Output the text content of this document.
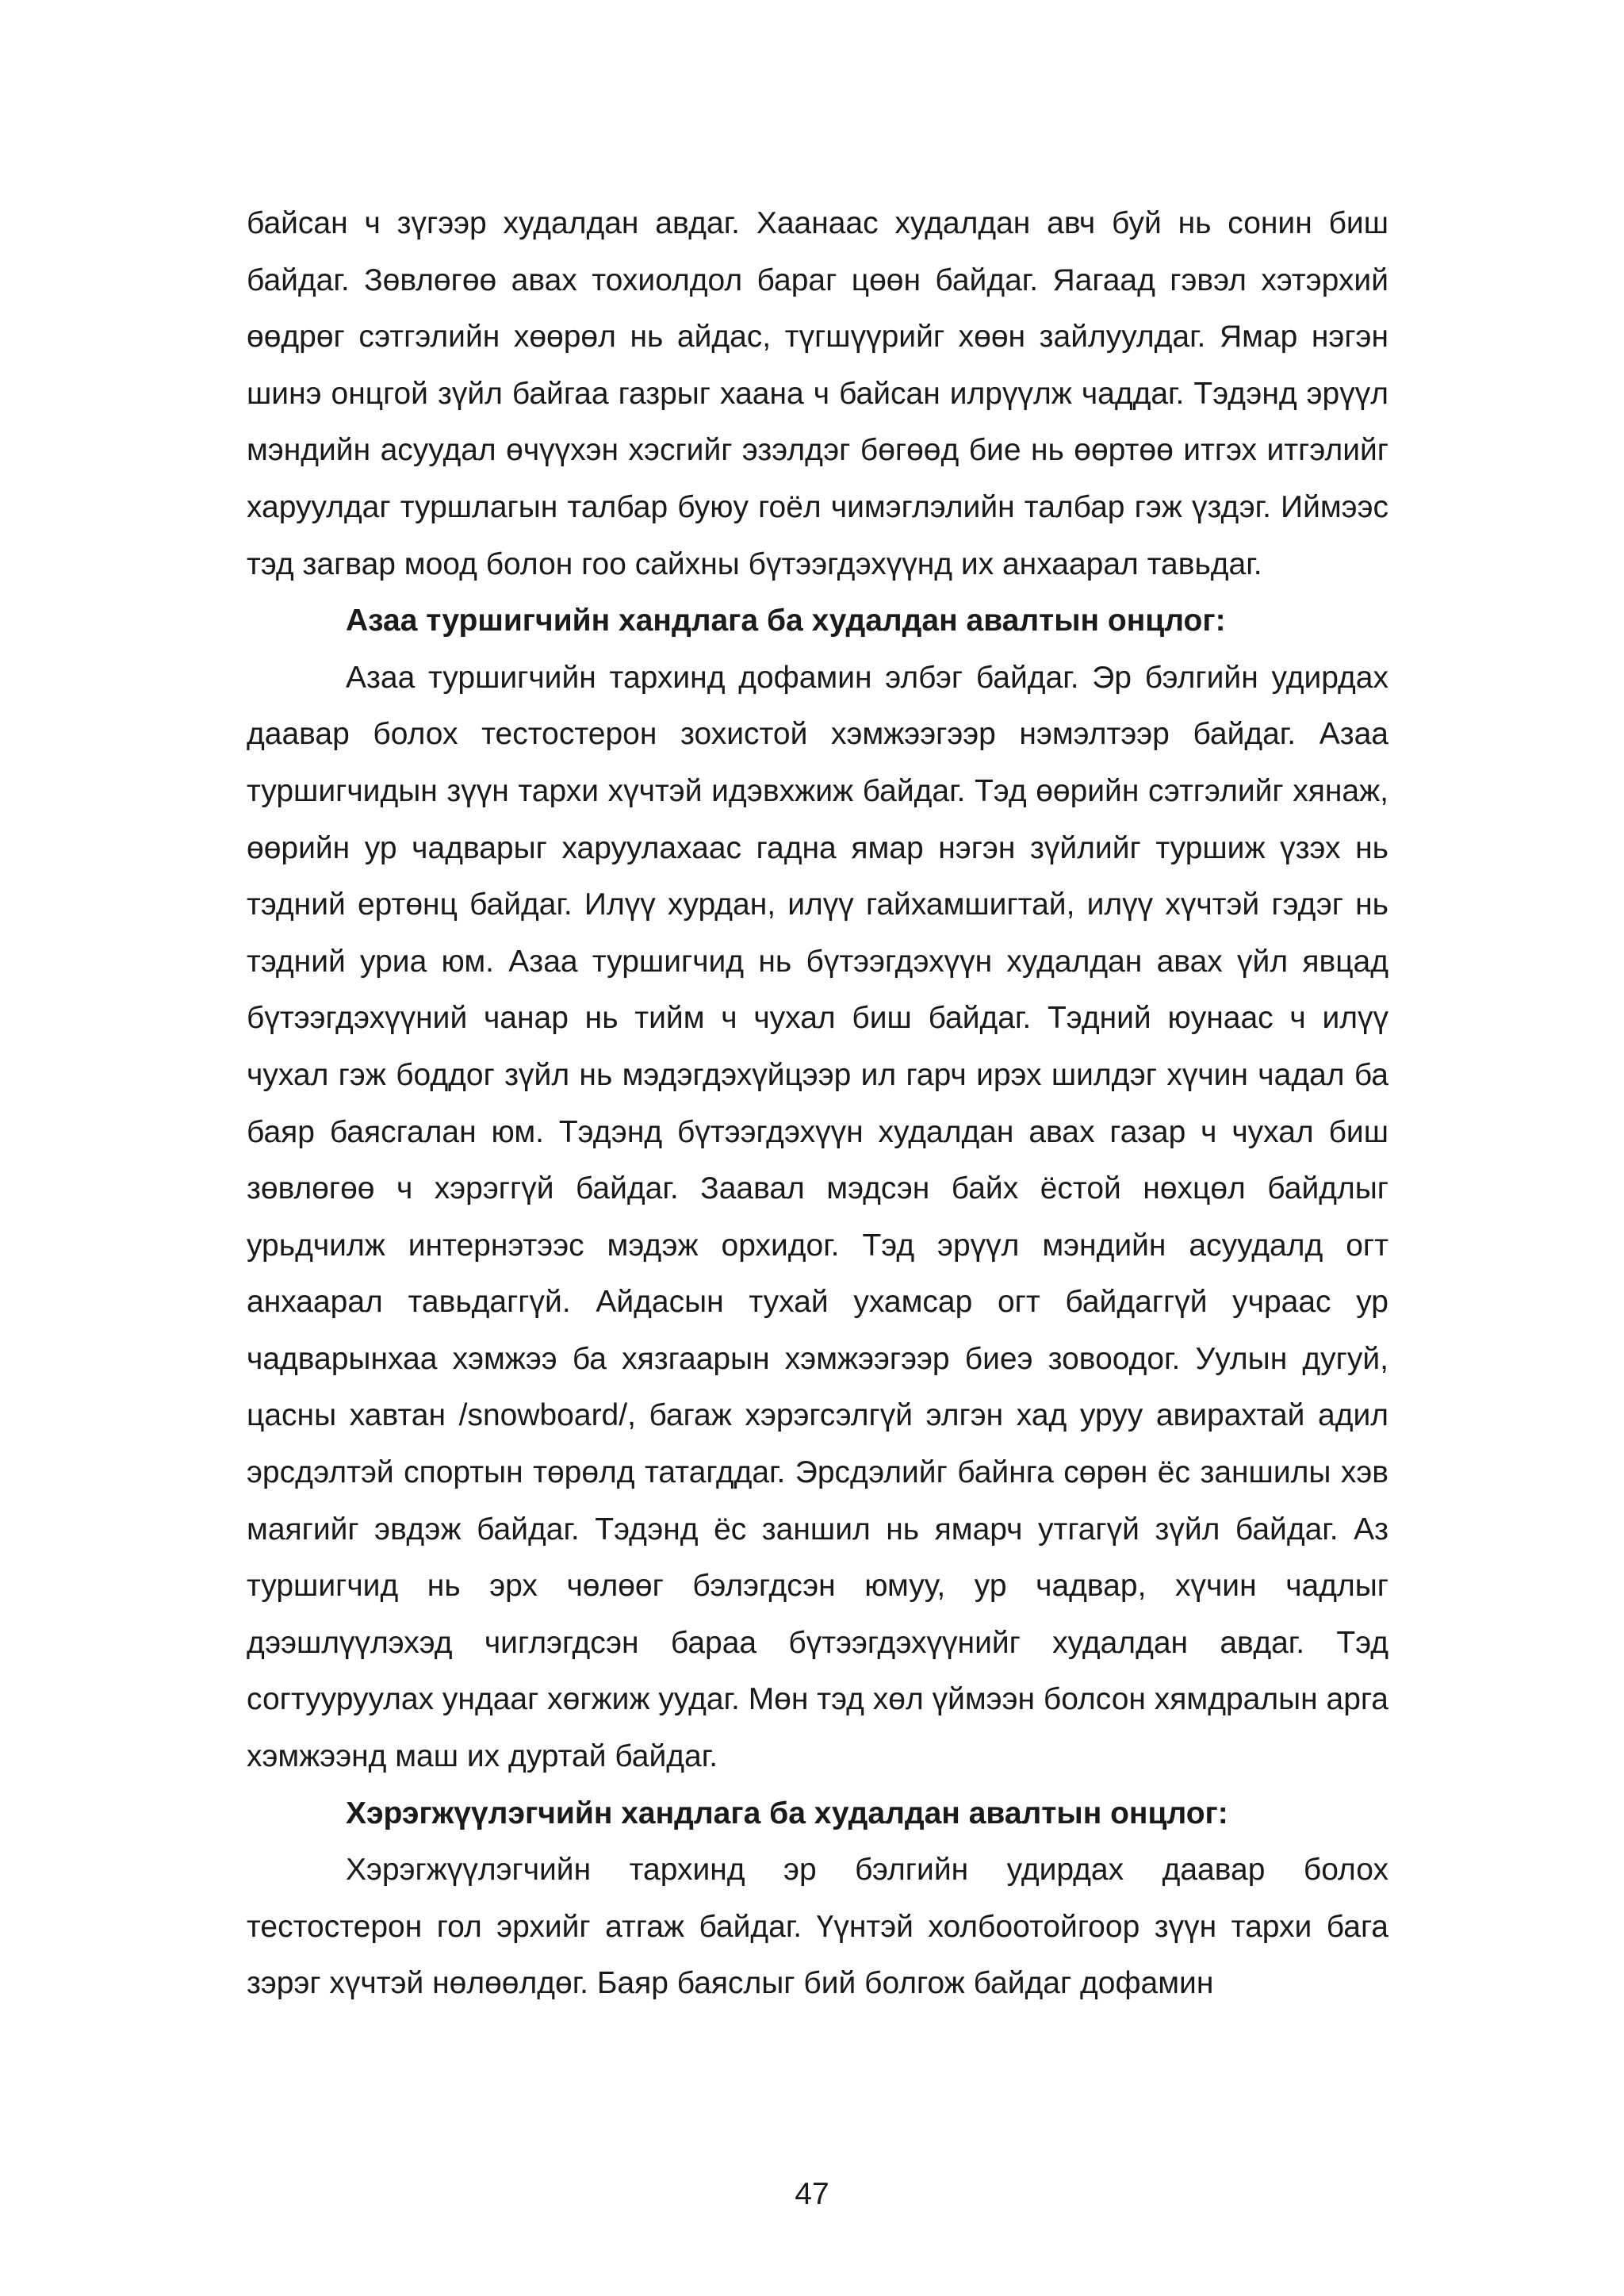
байсан ч зүгээр худалдан авдаг. Хаанаас худалдан авч буй нь сонин биш байдаг. Зөвлөгөө авах тохиолдол бараг цөөн байдаг. Яагаад гэвэл хэтэрхий өөдрөг сэтгэлийн хөөрөл нь айдас, түгшүүрийг хөөн зайлуулдаг. Ямар нэгэн шинэ онцгой зүйл байгаа газрыг хаана ч байсан илрүүлж чаддаг. Тэдэнд эрүүл мэндийн асуудал өчүүхэн хэсгийг эзэлдэг бөгөөд бие нь өөртөө итгэх итгэлийг харуулдаг туршлагын талбар буюу гоёл чимэглэлийн талбар гэж үздэг. Иймээс тэд загвар моод болон гоо сайхны бүтээгдэхүүнд их анхаарал тавьдаг.

Азаа туршигчийн хандлага ба худалдан авалтын онцлог:

Азаа туршигчийн тархинд дофамин элбэг байдаг. Эр бэлгийн удирдах даавар болох тестостерон зохистой хэмжээгээр нэмэлтээр байдаг. Азаа туршигчидын зүүн тархи хүчтэй идэвхжиж байдаг. Тэд өөрийн сэтгэлийг хянаж, өөрийн ур чадварыг харуулахаас гадна ямар нэгэн зүйлийг туршиж үзэх нь тэдний ертөнц байдаг. Илүү хурдан, илүү гайхамшигтай, илүү хүчтэй гэдэг нь тэдний уриа юм. Азаа туршигчид нь бүтээгдэхүүн худалдан авах үйл явцад бүтээгдэхүүний чанар нь тийм ч чухал биш байдаг. Тэдний юунаас ч илүү чухал гэж боддог зүйл нь мэдэгдэхүйцээр ил гарч ирэх шилдэг хүчин чадал ба баяр баясгалан юм. Тэдэнд бүтээгдэхүүн худалдан авах газар ч чухал биш зөвлөгөө ч хэрэггүй байдаг. Заавал мэдсэн байх ёстой нөхцөл байдлыг урьдчилж интернэтээс мэдэж орхидог. Тэд эрүүл мэндийн асуудалд огт анхаарал тавьдаггүй. Айдасын тухай ухамсар огт байдаггүй учраас ур чадварынхаа хэмжээ ба хязгаарын хэмжээгээр биеэ зовоодог. Уулын дугуй, цасны хавтан /snowboard/, багаж хэрэгсэлгүй элгэн хад уруу авирахтай адил эрсдэлтэй спортын төрөлд татагддаг. Эрсдэлийг байнга сөрөн ёс заншилы хэв маягийг эвдэж байдаг. Тэдэнд ёс заншил нь ямарч утгагүй зүйл байдаг. Аз туршигчид нь эрх чөлөөг бэлэгдсэн юмуу, ур чадвар, хүчин чадлыг дээшлүүлэхэд чиглэгдсэн бараа бүтээгдэхүүнийг худалдан авдаг. Тэд согтууруулах ундааг хөгжиж уудаг. Мөн тэд хөл үймээн болсон хямдралын арга хэмжээнд маш их дуртай байдаг.

Хэрэгжүүлэгчийн хандлага ба худалдан авалтын онцлог:

Хэрэгжүүлэгчийн тархинд эр бэлгийн удирдах даавар болох тестостерон гол эрхийг атгаж байдаг. Үүнтэй холбоотойгоор зүүн тархи бага зэрэг хүчтэй нөлөөлдөг. Баяр баяслыг бий болгож байдаг дофамин

47
